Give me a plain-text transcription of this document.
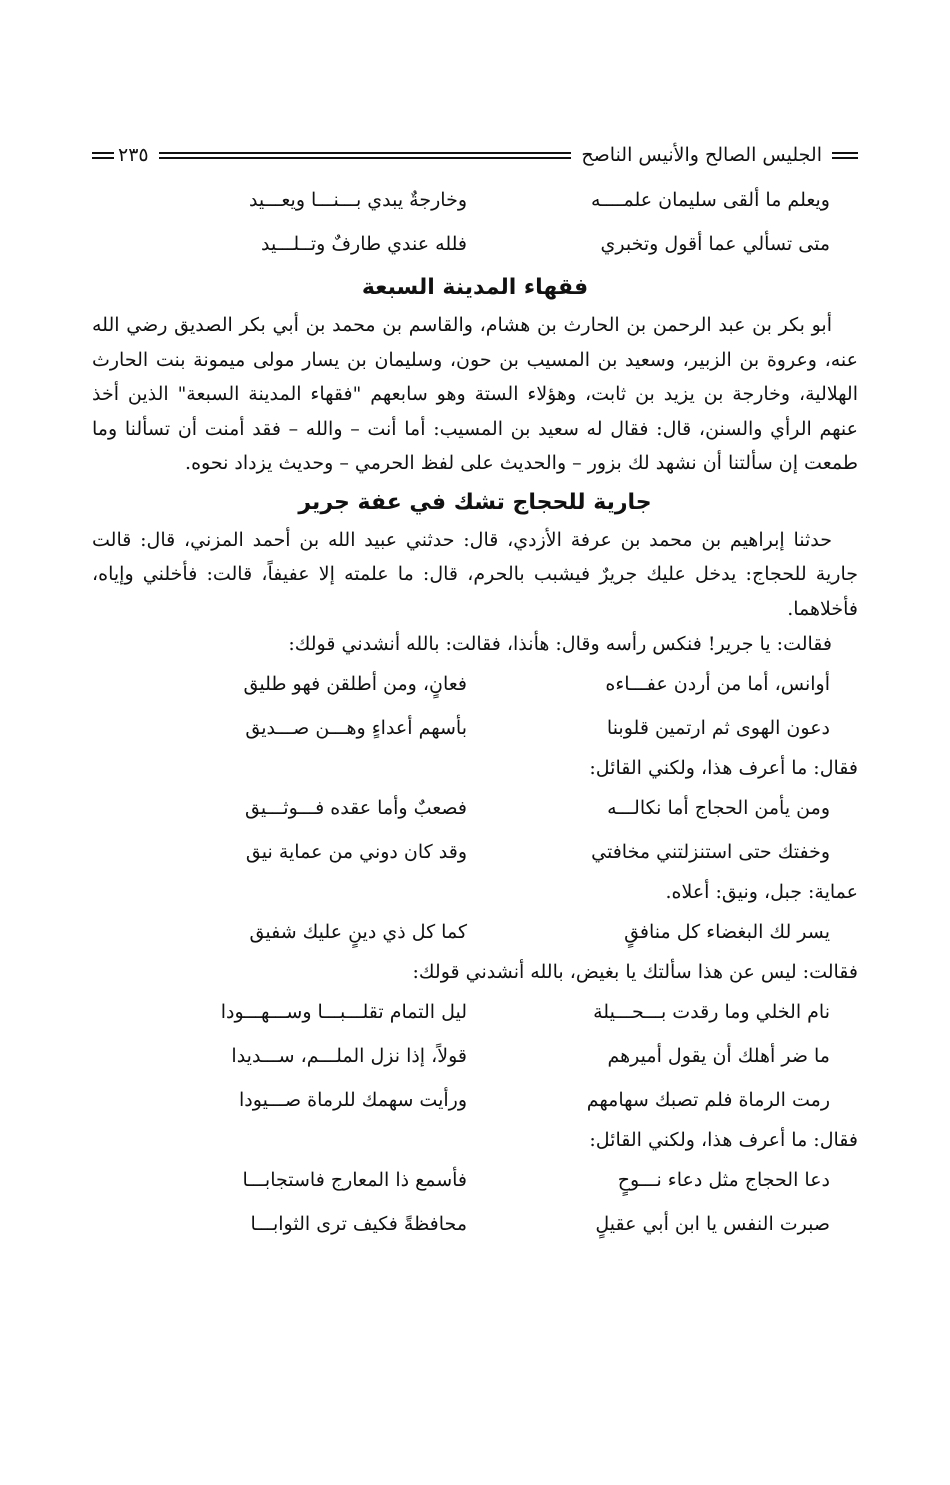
الجليس الصالح والأنيس الناصح
٢٣٥
ويعلم ما ألقى سليمان علمــــه
وخارجةٌ يبدي بـــنـــا ويعـــيد
متى تسألي عما أقول وتخبري
فلله عندي طارفٌ وتــلـــيد
فقهاء المدينة السبعة

أبو بكر بن عبد الرحمن بن الحارث بن هشام، والقاسم بن محمد بن أبي بكر الصديق رضي الله عنه، وعروة بن الزبير، وسعيد بن المسيب بن حون، وسليمان بن يسار مولى ميمونة بنت الحارث الهلالية، وخارجة بن يزيد بن ثابت، وهؤلاء الستة وهو سابعهم "فقهاء المدينة السبعة" الذين أخذ عنهم الرأي والسنن، قال: فقال له سعيد بن المسيب: أما أنت – والله – فقد أمنت أن تسألنا وما طمعت إن سألتنا أن نشهد لك بزور – والحديث على لفظ الحرمي – وحديث يزداد نحوه.

جارية للحجاج تشك في عفة جرير

حدثنا إبراهيم بن محمد بن عرفة الأزدي، قال: حدثني عبيد الله بن أحمد المزني، قال: قالت جارية للحجاج: يدخل عليك جريرٌ فيشبب بالحرم، قال: ما علمته إلا عفيفاً، قالت: فأخلني وإياه، فأخلاهما.

فقالت: يا جرير! فنكس رأسه وقال: هأنذا، فقالت: بالله أنشدني قولك:
أوانس، أما من أردن عفـــاءه
فعانٍ، ومن أطلقن فهو طليق
دعون الهوى ثم ارتمين قلوبنا
بأسهم أعداءٍ وهـــن صـــديق
فقال: ما أعرف هذا، ولكني القائل:
ومن يأمن الحجاج أما نكالـــه
فصعبٌ وأما عقده فـــوثـــيق
وخفتك حتى استنزلتني مخافتي
وقد كان دوني من عماية نيق
عماية: جبل، ونيق: أعلاه.
يسر لك البغضاء كل منافقٍ
كما كل ذي دينٍ عليك شفيق
فقالت: ليس عن هذا سألتك يا بغيض، بالله أنشدني قولك:
نام الخلي وما رقدت بـــحـــيلة
ليل التمام تقلـــبـــا وســـهـــودا
ما ضر أهلك أن يقول أميرهم
قولاً، إذا نزل الملـــم، ســـديدا
رمت الرماة فلم تصبك سهامهم
ورأيت سهمك للرماة صـــيودا
فقال: ما أعرف هذا، ولكني القائل:
دعا الحجاج مثل دعاء نـــوحٍ
فأسمع ذا المعارج فاستجابـــا
صبرت النفس يا ابن أبي عقيلٍ
محافظةً فكيف ترى الثوابـــا
